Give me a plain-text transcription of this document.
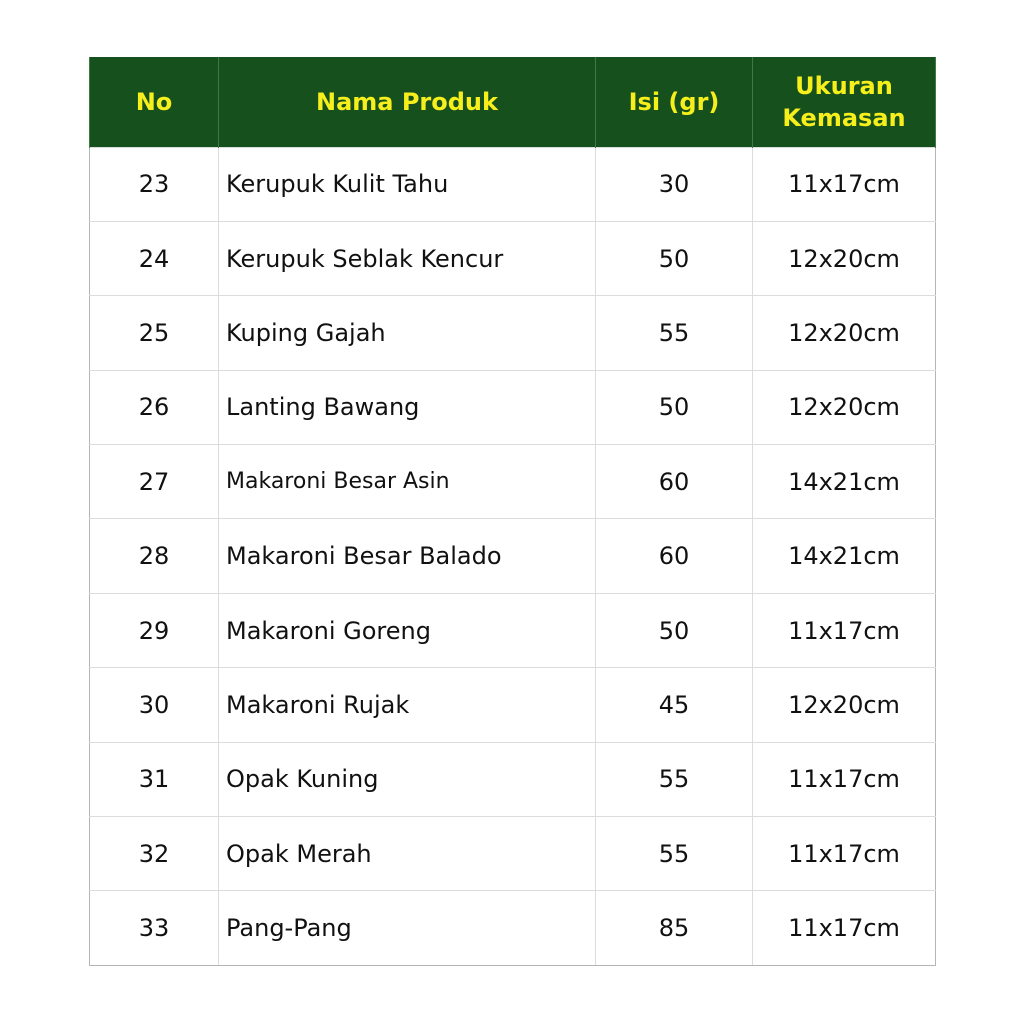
No	Nama Produk	Isi (gr)	Ukuran
Kemasan
23	Kerupuk Kulit Tahu	30	11x17cm
24	Kerupuk Seblak Kencur	50	12x20cm
25	Kuping Gajah	55	12x20cm
26	Lanting Bawang	50	12x20cm
27	Makaroni Besar Asin	60	14x21cm
28	Makaroni Besar Balado	60	14x21cm
29	Makaroni Goreng	50	11x17cm
30	Makaroni Rujak	45	12x20cm
31	Opak Kuning	55	11x17cm
32	Opak Merah	55	11x17cm
33	Pang-Pang	85	11x17cm
